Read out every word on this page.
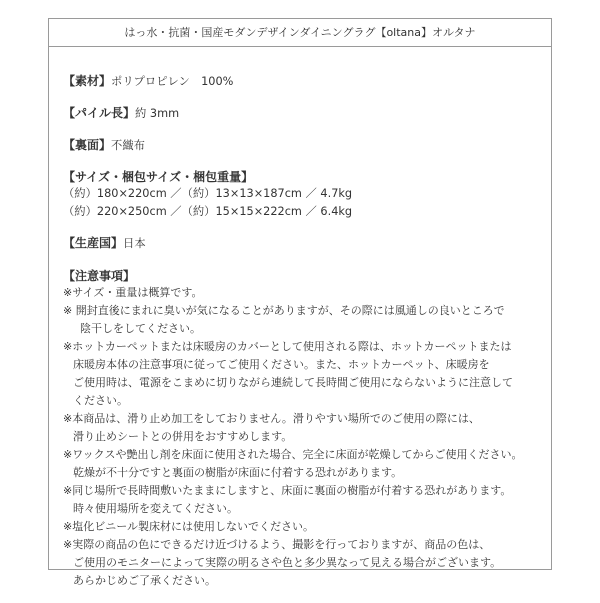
はっ水・抗菌・国産モダンデザインダイニングラグ【oltana】オルタナ
【素材】ポリプロピレン　100%
【パイル長】約 3mm
【裏面】不織布
【サイズ・梱包サイズ・梱包重量】
（約）180×220cm ／（約）13×13×187cm ／ 4.7kg
（約）220×250cm ／（約）15×15×222cm ／ 6.4kg
【生産国】日本
【注意事項】
※サイズ・重量は概算です。
※ 開封直後にまれに臭いが気になることがありますが、その際には風通しの良いところで
陰干しをしてください。
※ホットカーペットまたは床暖房のカバーとして使用される際は、ホットカーペットまたは
床暖房本体の注意事項に従ってご使用ください。また、ホットカーペット、床暖房を
ご使用時は、電源をこまめに切りながら連続して長時間ご使用にならないように注意して
ください。
※本商品は、滑り止め加工をしておりません。滑りやすい場所でのご使用の際には、
滑り止めシートとの併用をおすすめします。
※ワックスや艶出し剤を床面に使用された場合、完全に床面が乾燥してからご使用ください。
乾燥が不十分ですと裏面の樹脂が床面に付着する恐れがあります。
※同じ場所で長時間敷いたままにしますと、床面に裏面の樹脂が付着する恐れがあります。
時々使用場所を変えてください。
※塩化ビニール製床材には使用しないでください。
※実際の商品の色にできるだけ近づけるよう、撮影を行っておりますが、商品の色は、
ご使用のモニターによって実際の明るさや色と多少異なって見える場合がございます。
あらかじめご了承ください。
